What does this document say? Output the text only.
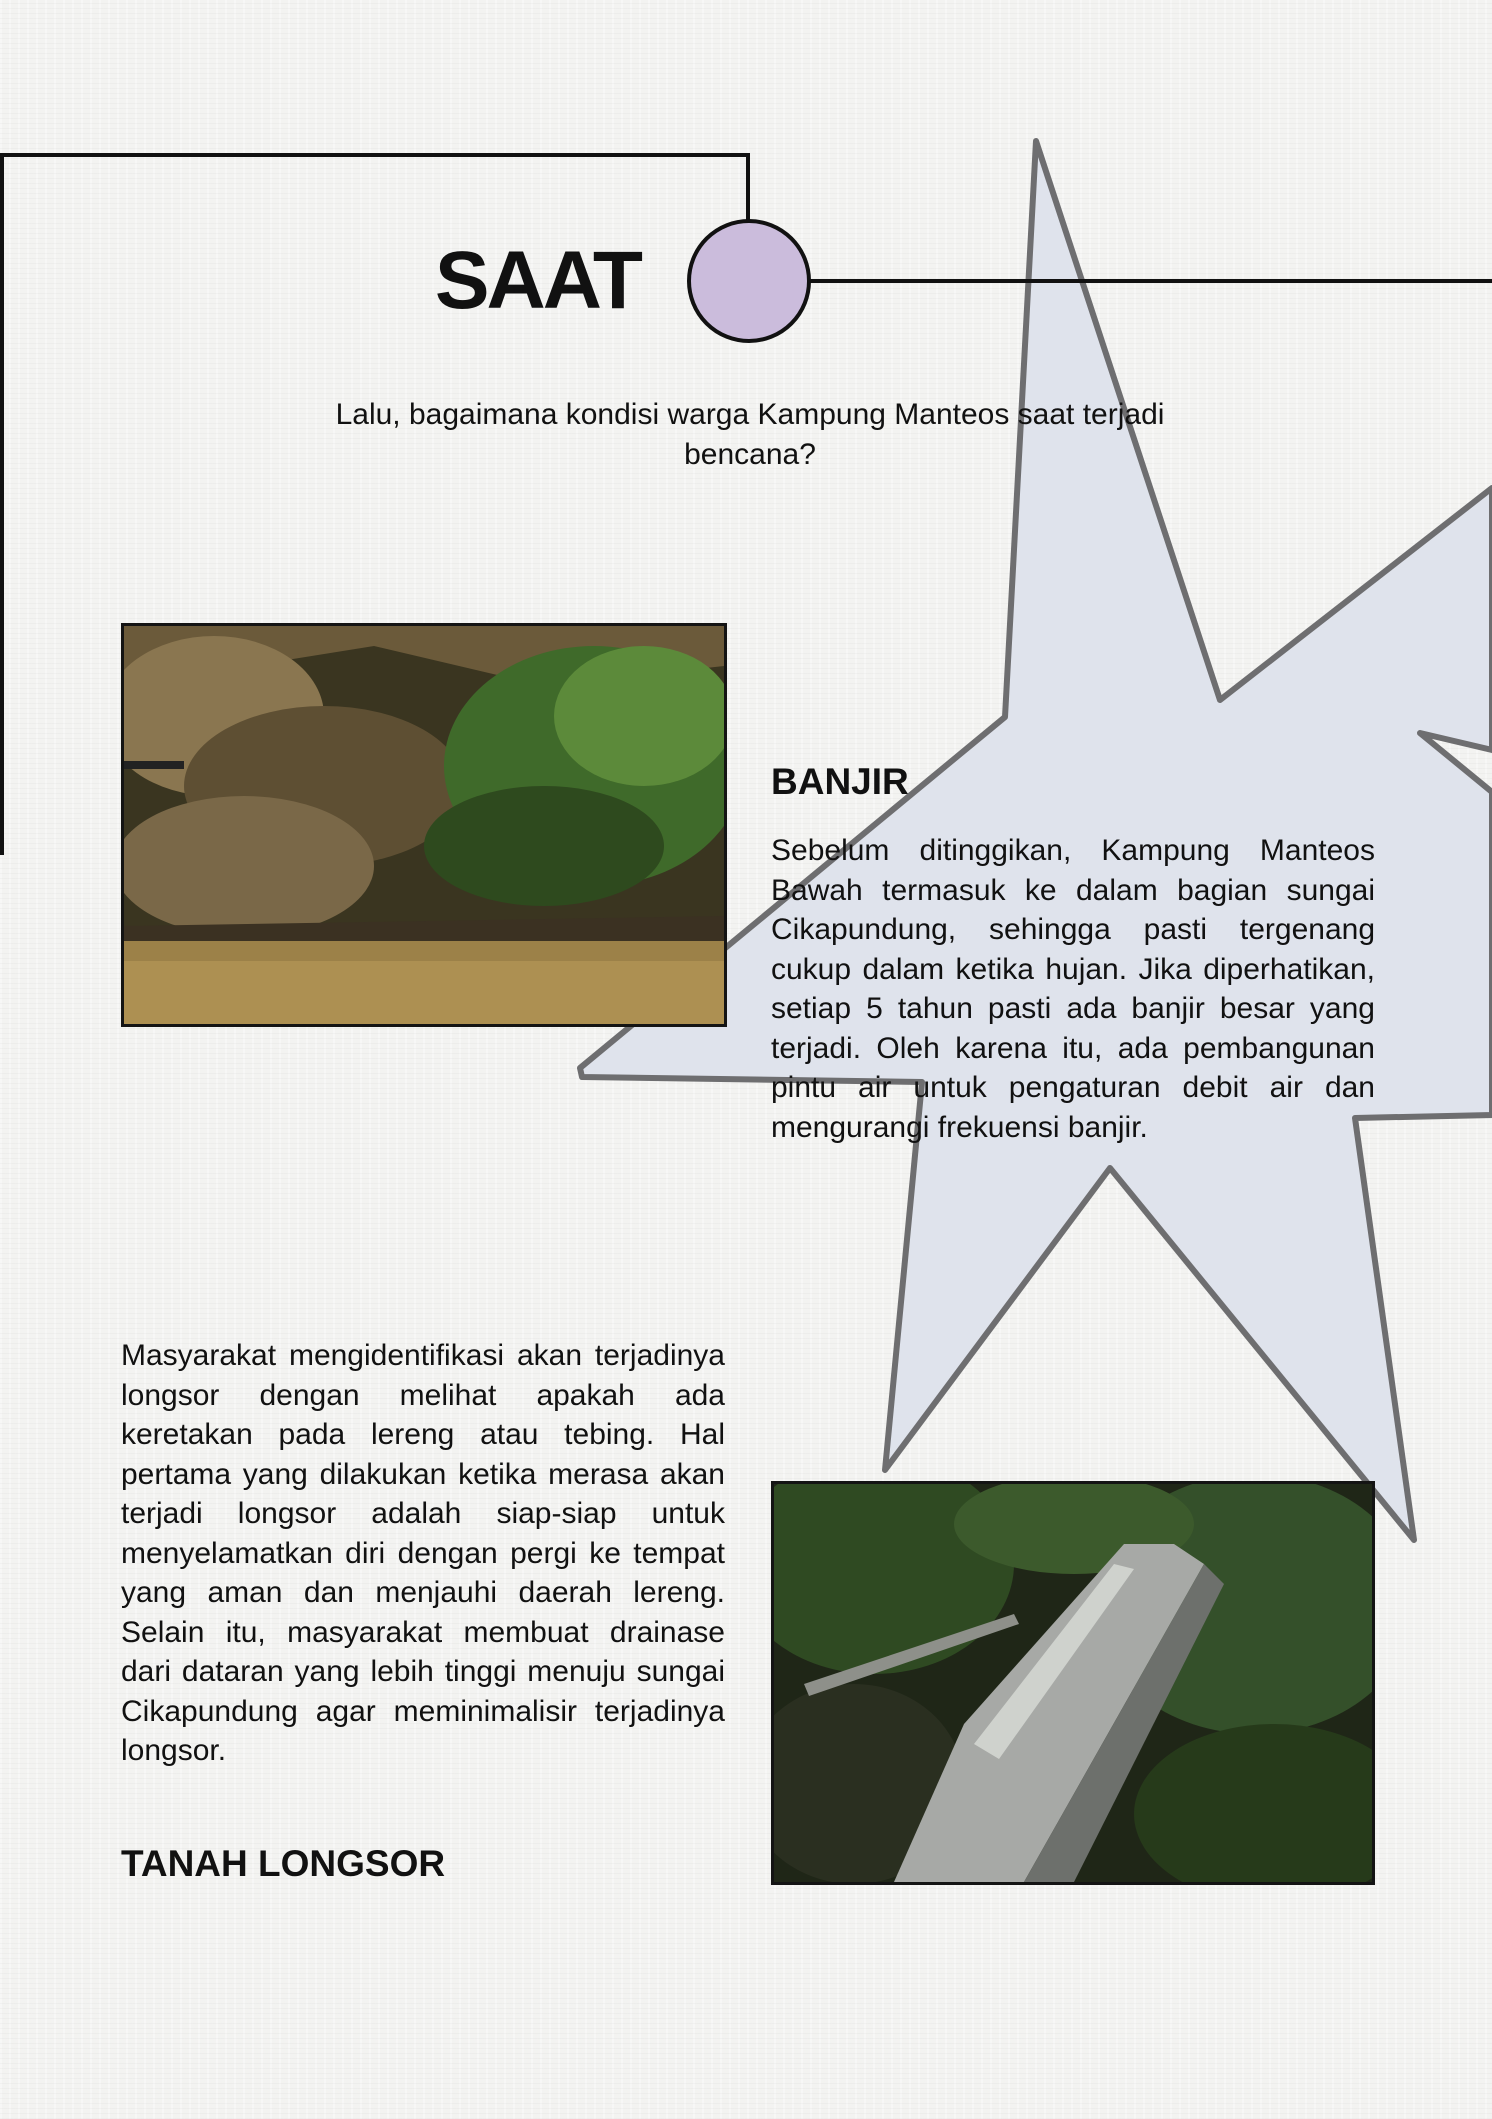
SAAT

Lalu, bagaimana kondisi warga Kampung Manteos saat terjadi bencana?

BANJIR

Sebelum ditinggikan, Kampung Manteos Bawah termasuk ke dalam bagian sungai Cikapundung, sehingga pasti tergenang cukup dalam ketika hujan. Jika diperhatikan, setiap 5 tahun pasti ada banjir besar yang terjadi. Oleh karena itu, ada pembangunan pintu air untuk pengaturan debit air dan mengurangi frekuensi banjir.

Masyarakat mengidentifikasi akan terjadinya longsor dengan melihat apakah ada keretakan pada lereng atau tebing. Hal pertama yang dilakukan ketika merasa akan terjadi longsor adalah siap-siap untuk menyelamatkan diri dengan pergi ke tempat yang aman dan menjauhi daerah lereng. Selain itu, masyarakat membuat drainase dari dataran yang lebih tinggi menuju sungai Cikapundung agar meminimalisir terjadinya longsor.

TANAH LONGSOR
